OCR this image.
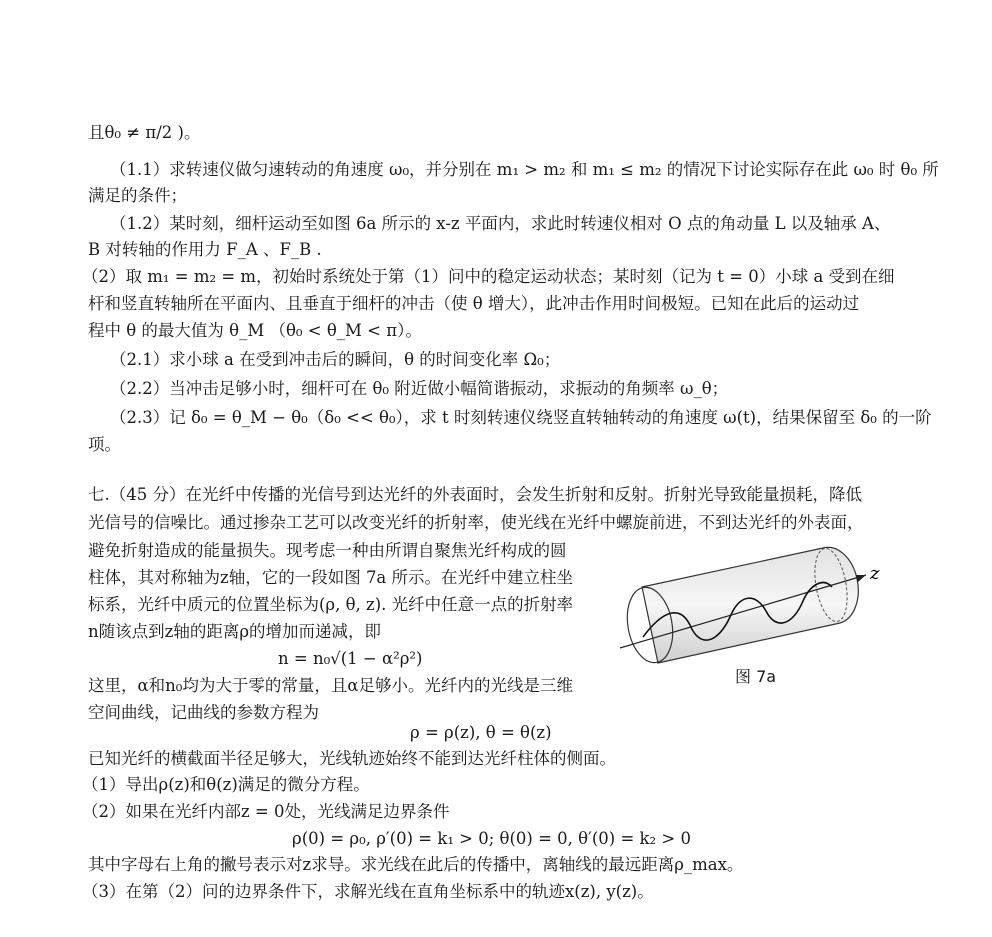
且θ₀ ≠ π/2 )。
（1.1）求转速仪做匀速转动的角速度 ω₀，并分别在 m₁ > m₂ 和 m₁ ≤ m₂ 的情况下讨论实际存在此 ω₀ 时 θ₀ 所
满足的条件；
（1.2）某时刻，细杆运动至如图 6a 所示的 x-z 平面内，求此时转速仪相对 O 点的角动量 L 以及轴承 A、
B 对转轴的作用力 F_A 、F_B .
（2）取 m₁ = m₂ = m，初始时系统处于第（1）问中的稳定运动状态；某时刻（记为 t = 0）小球 a 受到在细
杆和竖直转轴所在平面内、且垂直于细杆的冲击（使 θ 增大），此冲击作用时间极短。已知在此后的运动过
程中 θ 的最大值为 θ_M （θ₀ < θ_M < π）。
（2.1）求小球 a 在受到冲击后的瞬间，θ 的时间变化率 Ω₀；
（2.2）当冲击足够小时，细杆可在 θ₀ 附近做小幅简谐振动，求振动的角频率 ω_θ；
（2.3）记 δ₀ = θ_M − θ₀（δ₀ << θ₀），求 t 时刻转速仪绕竖直转轴转动的角速度 ω(t)，结果保留至 δ₀ 的一阶
项。
七.（45 分）在光纤中传播的光信号到达光纤的外表面时，会发生折射和反射。折射光导致能量损耗，降低
光信号的信噪比。通过掺杂工艺可以改变光纤的折射率，使光线在光纤中螺旋前进，不到达光纤的外表面，
避免折射造成的能量损失。现考虑一种由所谓自聚焦光纤构成的圆
柱体，其对称轴为z轴，它的一段如图 7a 所示。在光纤中建立柱坐
标系，光纤中质元的位置坐标为(ρ, θ, z). 光纤中任意一点的折射率
n随该点到z轴的距离ρ的增加而递减，即
n = n₀√(1 − α²ρ²)
这里，α和n₀均为大于零的常量，且α足够小。光纤内的光线是三维
空间曲线，记曲线的参数方程为
ρ = ρ(z), θ = θ(z)
已知光纤的横截面半径足够大，光线轨迹始终不能到达光纤柱体的侧面。
（1）导出ρ(z)和θ(z)满足的微分方程。
（2）如果在光纤内部z = 0处，光线满足边界条件
ρ(0) = ρ₀, ρ′(0) = k₁ > 0; θ(0) = 0, θ′(0) = k₂ > 0
其中字母右上角的撇号表示对z求导。求光线在此后的传播中，离轴线的最远距离ρ_max。
（3）在第（2）问的边界条件下，求解光线在直角坐标系中的轨迹x(z), y(z)。
z
图 7a
